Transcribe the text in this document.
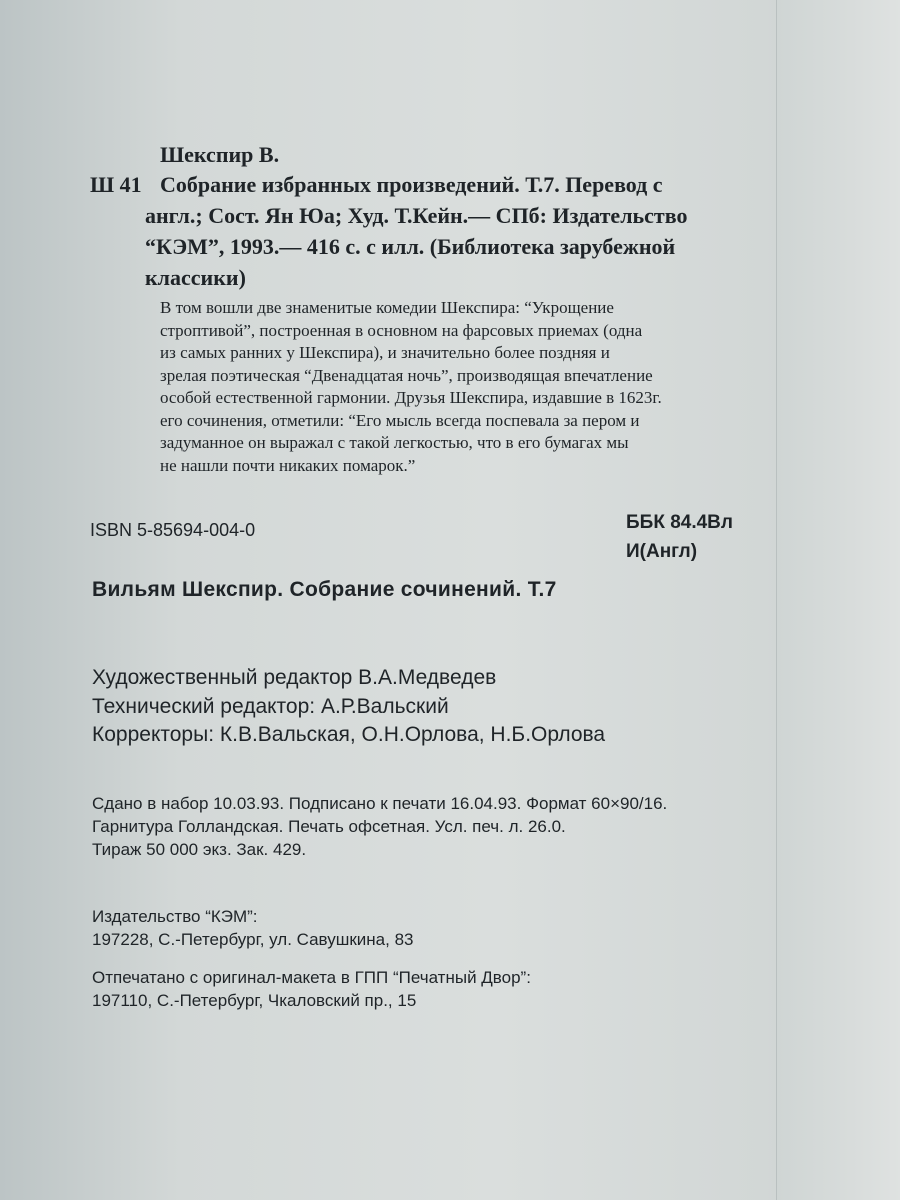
Ш 41
Шекспир В.
Собрание избранных произведений. Т.7. Перевод с
англ.; Сост. Ян Юа; Худ. Т.Кейн.— СПб: Издательство
“КЭМ”, 1993.— 416 с. с илл. (Библиотека зарубежной
классики)
В том вошли две знаменитые комедии Шекспира: “Укрощение
строптивой”, построенная в основном на фарсовых приемах (одна
из самых ранних у Шекспира), и значительно более поздняя и
зрелая поэтическая “Двенадцатая ночь”, производящая впечатление
особой естественной гармонии. Друзья Шекспира, издавшие в 1623г.
его сочинения, отметили: “Его мысль всегда поспевала за пером и
задуманное он выражал с такой легкостью, что в его бумагах мы
не нашли почти никаких помарок.”
ISBN 5-85694-004-0	ББК 84.4Вл
И(Англ)
Вильям Шекспир. Собрание сочинений. Т.7
Художественный редактор В.А.Медведев
Технический редактор: А.Р.Вальский
Корректоры: К.В.Вальская, О.Н.Орлова, Н.Б.Орлова
Сдано в набор 10.03.93. Подписано к печати 16.04.93. Формат 60×90/16.
Гарнитура Голландская. Печать офсетная. Усл. печ. л. 26.0.
Тираж 50 000 экз. Зак. 429.
Издательство “КЭМ”:
197228, С.-Петербург, ул. Савушкина, 83
Отпечатано с оригинал-макета в ГПП “Печатный Двор”:
197110, С.-Петербург, Чкаловский пр., 15
